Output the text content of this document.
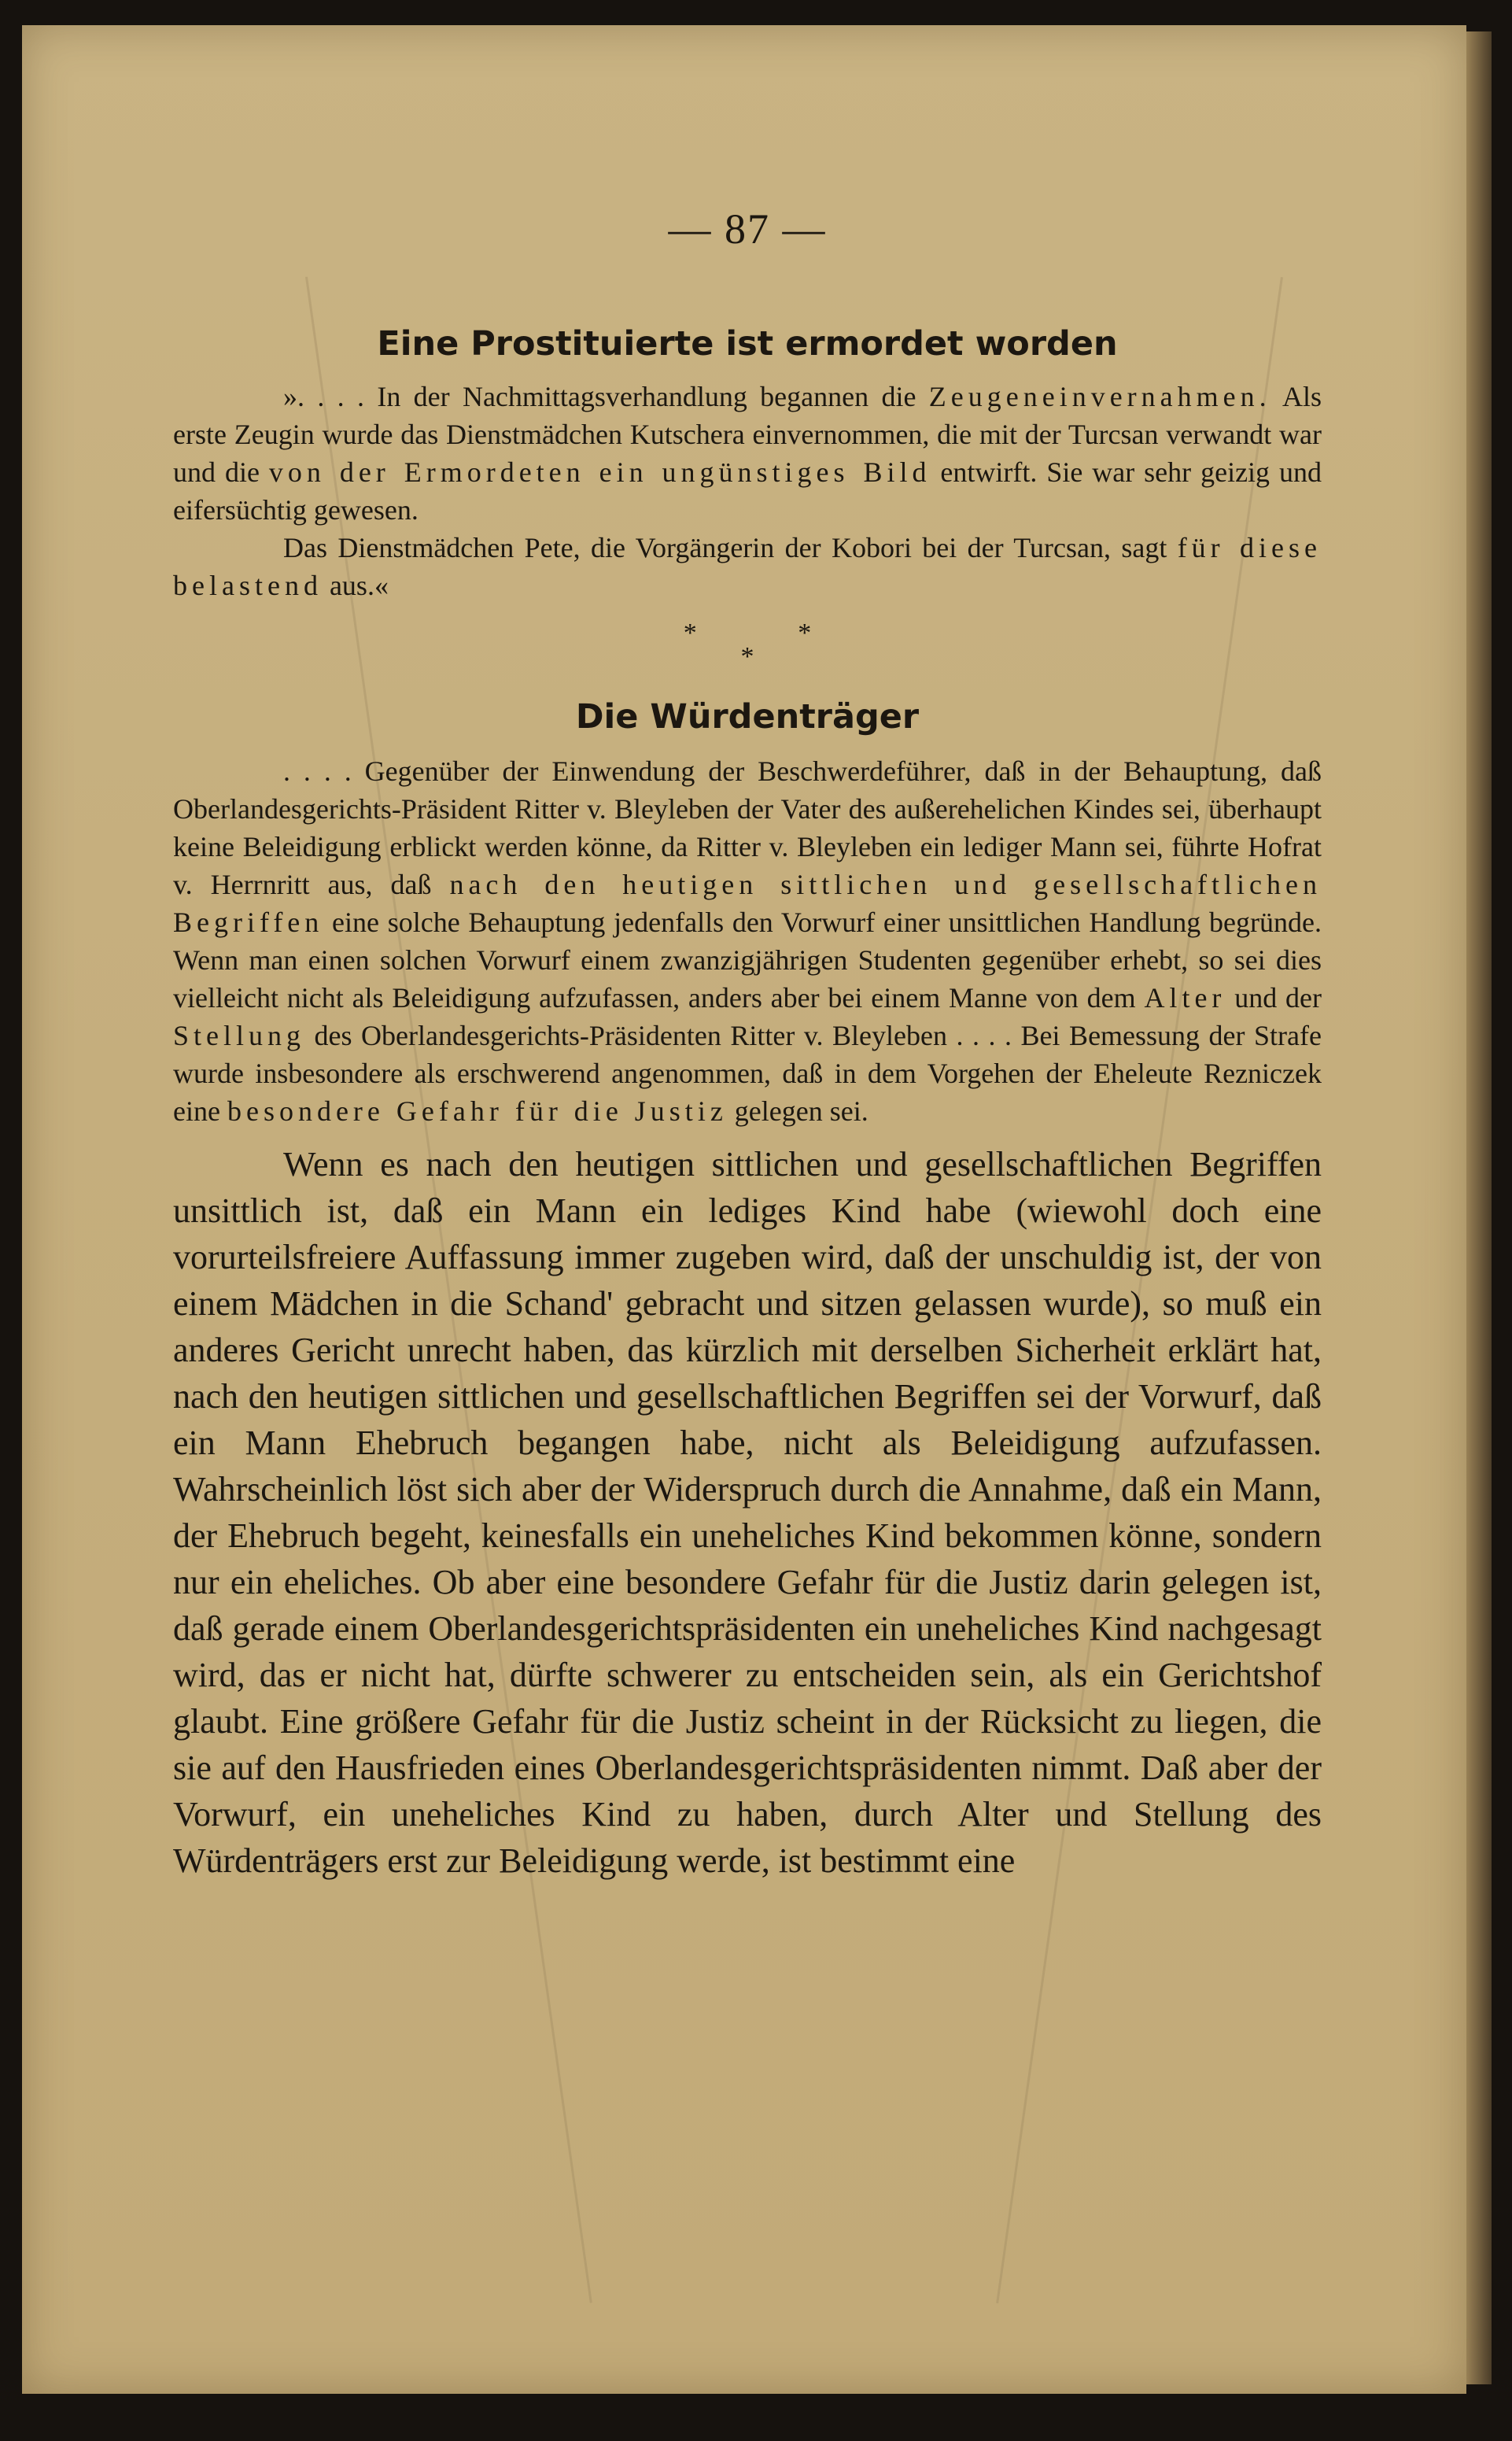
— 87 —
Eine Prostituierte ist ermordet worden

». . . . In der Nachmittagsverhandlung begannen die Zeugeneinvernahmen. Als erste Zeugin wurde das Dienstmädchen Kutschera einvernommen, die mit der Turcsan verwandt war und die von der Ermordeten ein ungünstiges Bild entwirft. Sie war sehr geizig und eifersüchtig gewesen.

Das Dienstmädchen Pete, die Vorgängerin der Kobori bei der Turcsan, sagt für diese belastend aus.«

* *
*
Die Würdenträger

. . . . Gegenüber der Einwendung der Beschwerdeführer, daß in der Behauptung, daß Oberlandesgerichts-Präsident Ritter v. Bleyleben der Vater des außerehelichen Kindes sei, überhaupt keine Beleidigung erblickt werden könne, da Ritter v. Bleyleben ein lediger Mann sei, führte Hofrat v. Herrnritt aus, daß nach den heutigen sittlichen und gesellschaftlichen Begriffen eine solche Behauptung jedenfalls den Vorwurf einer unsittlichen Handlung begründe. Wenn man einen solchen Vorwurf einem zwanzigjährigen Studenten gegenüber erhebt, so sei dies vielleicht nicht als Beleidigung aufzufassen, anders aber bei einem Manne von dem Alter und der Stellung des Oberlandesgerichts-Präsidenten Ritter v. Bleyleben . . . . Bei Bemessung der Strafe wurde insbesondere als erschwerend angenommen, daß in dem Vorgehen der Eheleute Rezniczek eine besondere Gefahr für die Justiz gelegen sei.

Wenn es nach den heutigen sittlichen und gesellschaftlichen Begriffen unsittlich ist, daß ein Mann ein lediges Kind habe (wiewohl doch eine vorurteilsfreiere Auffassung immer zugeben wird, daß der unschuldig ist, der von einem Mädchen in die Schand' gebracht und sitzen gelassen wurde), so muß ein anderes Gericht unrecht haben, das kürzlich mit derselben Sicherheit erklärt hat, nach den heutigen sittlichen und gesellschaftlichen Begriffen sei der Vorwurf, daß ein Mann Ehebruch begangen habe, nicht als Beleidigung aufzufassen. Wahrscheinlich löst sich aber der Widerspruch durch die Annahme, daß ein Mann, der Ehebruch begeht, keinesfalls ein uneheliches Kind bekommen könne, sondern nur ein eheliches. Ob aber eine besondere Gefahr für die Justiz darin gelegen ist, daß gerade einem Oberlandesgerichtspräsidenten ein uneheliches Kind nachgesagt wird, das er nicht hat, dürfte schwerer zu entscheiden sein, als ein Gerichtshof glaubt. Eine größere Gefahr für die Justiz scheint in der Rücksicht zu liegen, die sie auf den Hausfrieden eines Oberlandesgerichtspräsidenten nimmt. Daß aber der Vorwurf, ein uneheliches Kind zu haben, durch Alter und Stellung des Würdenträgers erst zur Beleidigung werde, ist bestimmt eine
